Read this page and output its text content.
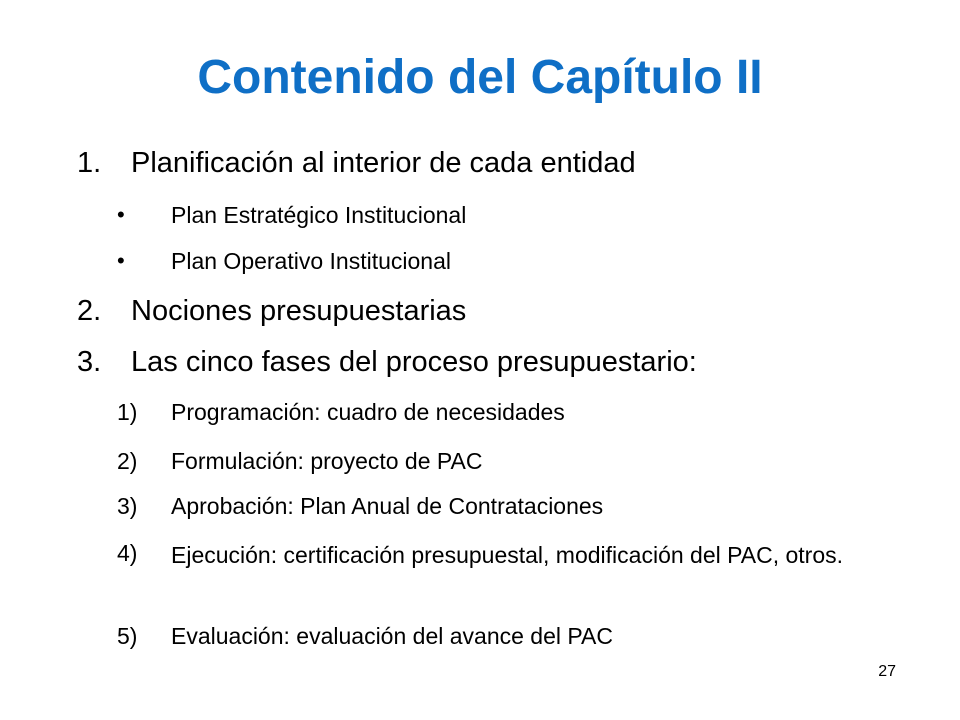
Contenido del Capítulo II
1. Planificación al interior de cada entidad
• Plan Estratégico Institucional
• Plan Operativo Institucional
2. Nociones presupuestarias
3. Las cinco fases del proceso presupuestario:
1) Programación: cuadro de necesidades
2) Formulación: proyecto de PAC
3) Aprobación: Plan Anual de Contrataciones
4) Ejecución: certificación presupuestal, modificación del PAC, otros.
5) Evaluación: evaluación del avance del PAC
27
